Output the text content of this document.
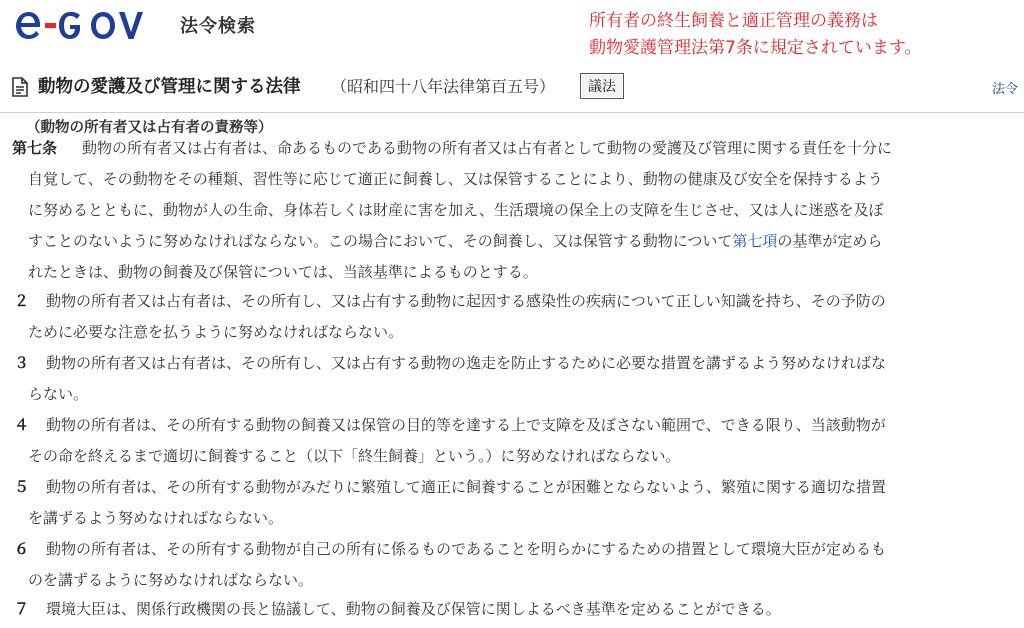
法令検索	所有者の終生飼養と適正管理の義務は
動物愛護管理法第7条に規定されています。
動物の愛護及び管理に関する法律 （昭和四十八年法律第百五号）	議法	法令
（動物の所有者又は占有者の責務等）
第七条 動物の所有者又は占有者は、命あるものである動物の所有者又は占有者として動物の愛護及び管理に関する責任を十分に
自覚して、その動物をその種類、習性等に応じて適正に飼養し、又は保管することにより、動物の健康及び安全を保持するよう
に努めるとともに、動物が人の生命、身体若しくは財産に害を加え、生活環境の保全上の支障を生じさせ、又は人に迷惑を及ぼ
すことのないように努めなければならない。この場合において、その飼養し、又は保管する動物について第七項の基準が定めら
れたときは、動物の飼養及び保管については、当該基準によるものとする。
２ 動物の所有者又は占有者は、その所有し、又は占有する動物に起因する感染性の疾病について正しい知識を持ち、その予防の
ために必要な注意を払うように努めなければならない。
３ 動物の所有者又は占有者は、その所有し、又は占有する動物の逸走を防止するために必要な措置を講ずるよう努めなければな
らない。
４ 動物の所有者は、その所有する動物の飼養又は保管の目的等を達する上で支障を及ぼさない範囲で、できる限り、当該動物が
その命を終えるまで適切に飼養すること（以下「終生飼養」という。）に努めなければならない。
５ 動物の所有者は、その所有する動物がみだりに繁殖して適正に飼養することが困難とならないよう、繁殖に関する適切な措置
を講ずるよう努めなければならない。
６ 動物の所有者は、その所有する動物が自己の所有に係るものであることを明らかにするための措置として環境大臣が定めるも
のを講ずるように努めなければならない。
７ 環境大臣は、関係行政機関の長と協議して、動物の飼養及び保管に関しよるべき基準を定めることができる。
